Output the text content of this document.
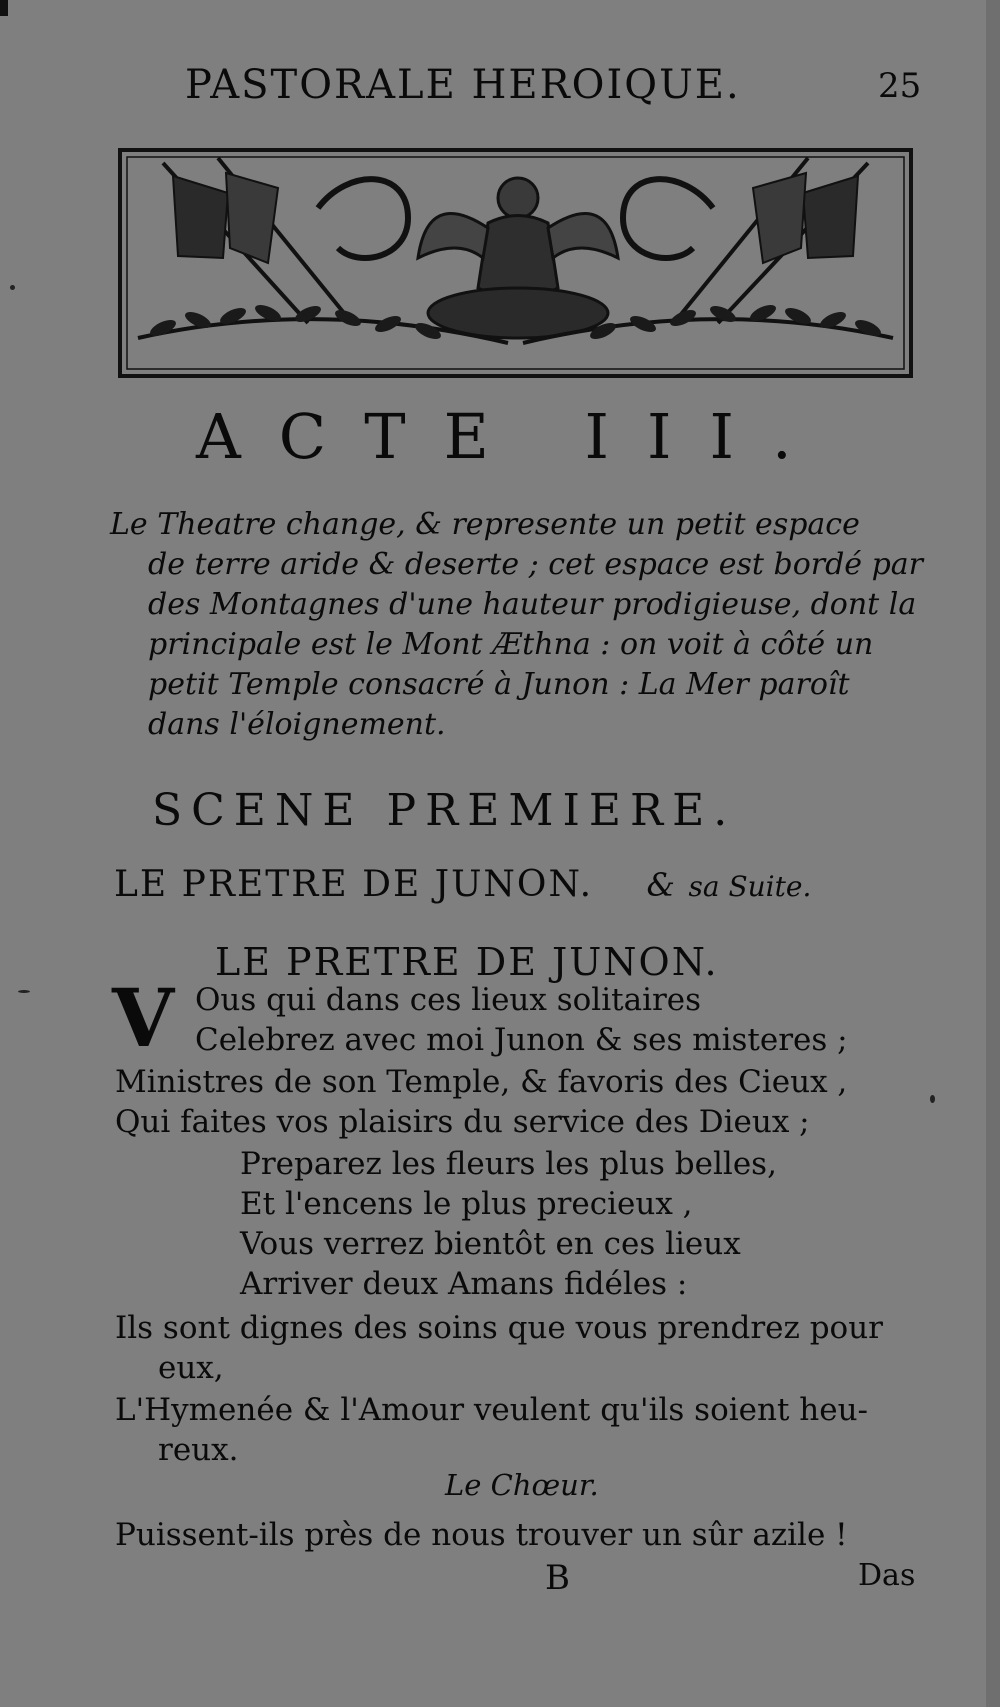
PASTORALE HEROIQUE.	25
ACTE III.
Le Theatre change, & represente un petit espace
de terre aride & deserte ; cet espace est bordé par
des Montagnes d'une hauteur prodigieuse, dont la
principale est le Mont Æthna : on voit à côté un
petit Temple consacré à Junon : La Mer paroît
dans l'éloignement.
SCENE PREMIERE.
LE PRETRE DE JUNON. & sa Suite.
LE PRETRE DE JUNON.
V Ous qui dans ces lieux solitaires
Celebrez avec moi Junon & ses misteres ;
Ministres de son Temple, & favoris des Cieux ,
Qui faites vos plaisirs du service des Dieux ;
Preparez les fleurs les plus belles,
Et l'encens le plus precieux ,
Vous verrez bientôt en ces lieux
Arriver deux Amans fidéles :
Ils sont dignes des soins que vous prendrez pour
eux,
L'Hymenée & l'Amour veulent qu'ils soient heu-
reux.
Le Chœur.
Puissent-ils près de nous trouver un sûr azile !
B	Das
